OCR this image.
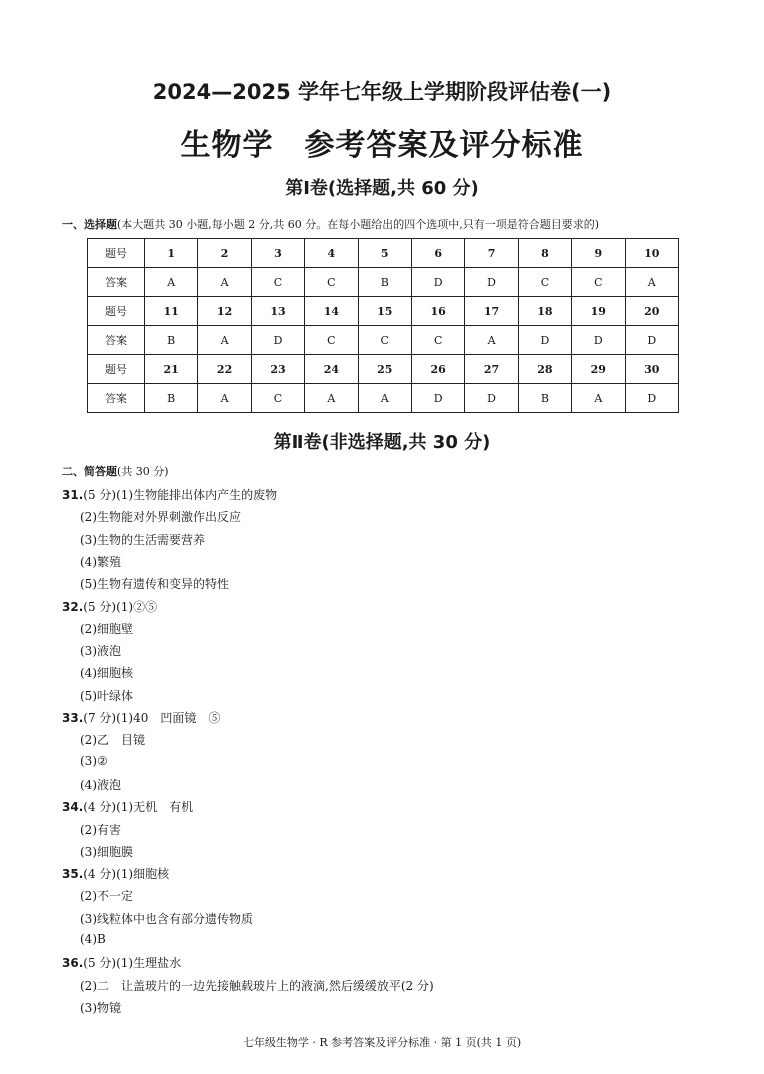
2024—2025 学年七年级上学期阶段评估卷(一)
生物学　参考答案及评分标准
第Ⅰ卷(选择题,共 60 分)
一、选择题(本大题共 30 小题,每小题 2 分,共 60 分。在每小题给出的四个选项中,只有一项是符合题目要求的)
题号	1	2	3	4	5	6	7	8	9	10
答案	A	A	C	C	B	D	D	C	C	A
题号	11	12	13	14	15	16	17	18	19	20
答案	B	A	D	C	C	C	A	D	D	D
题号	21	22	23	24	25	26	27	28	29	30
答案	B	A	C	A	A	D	D	B	A	D
第Ⅱ卷(非选择题,共 30 分)
二、简答题(共 30 分)
31.(5 分)(1)生物能排出体内产生的废物
(2)生物能对外界刺激作出反应
(3)生物的生活需要营养
(4)繁殖
(5)生物有遗传和变异的特性
32.(5 分)(1)②⑤
(2)细胞壁
(3)液泡
(4)细胞核
(5)叶绿体
33.(7 分)(1)40　凹面镜　⑤
(2)乙　目镜
(3)②
(4)液泡
34.(4 分)(1)无机　有机
(2)有害
(3)细胞膜
35.(4 分)(1)细胞核
(2)不一定
(3)线粒体中也含有部分遗传物质
(4)B
36.(5 分)(1)生理盐水
(2)二　让盖玻片的一边先接触载玻片上的液滴,然后缓缓放平(2 分)
(3)物镜
七年级生物学 · R 参考答案及评分标准 · 第 1 页(共 1 页)
